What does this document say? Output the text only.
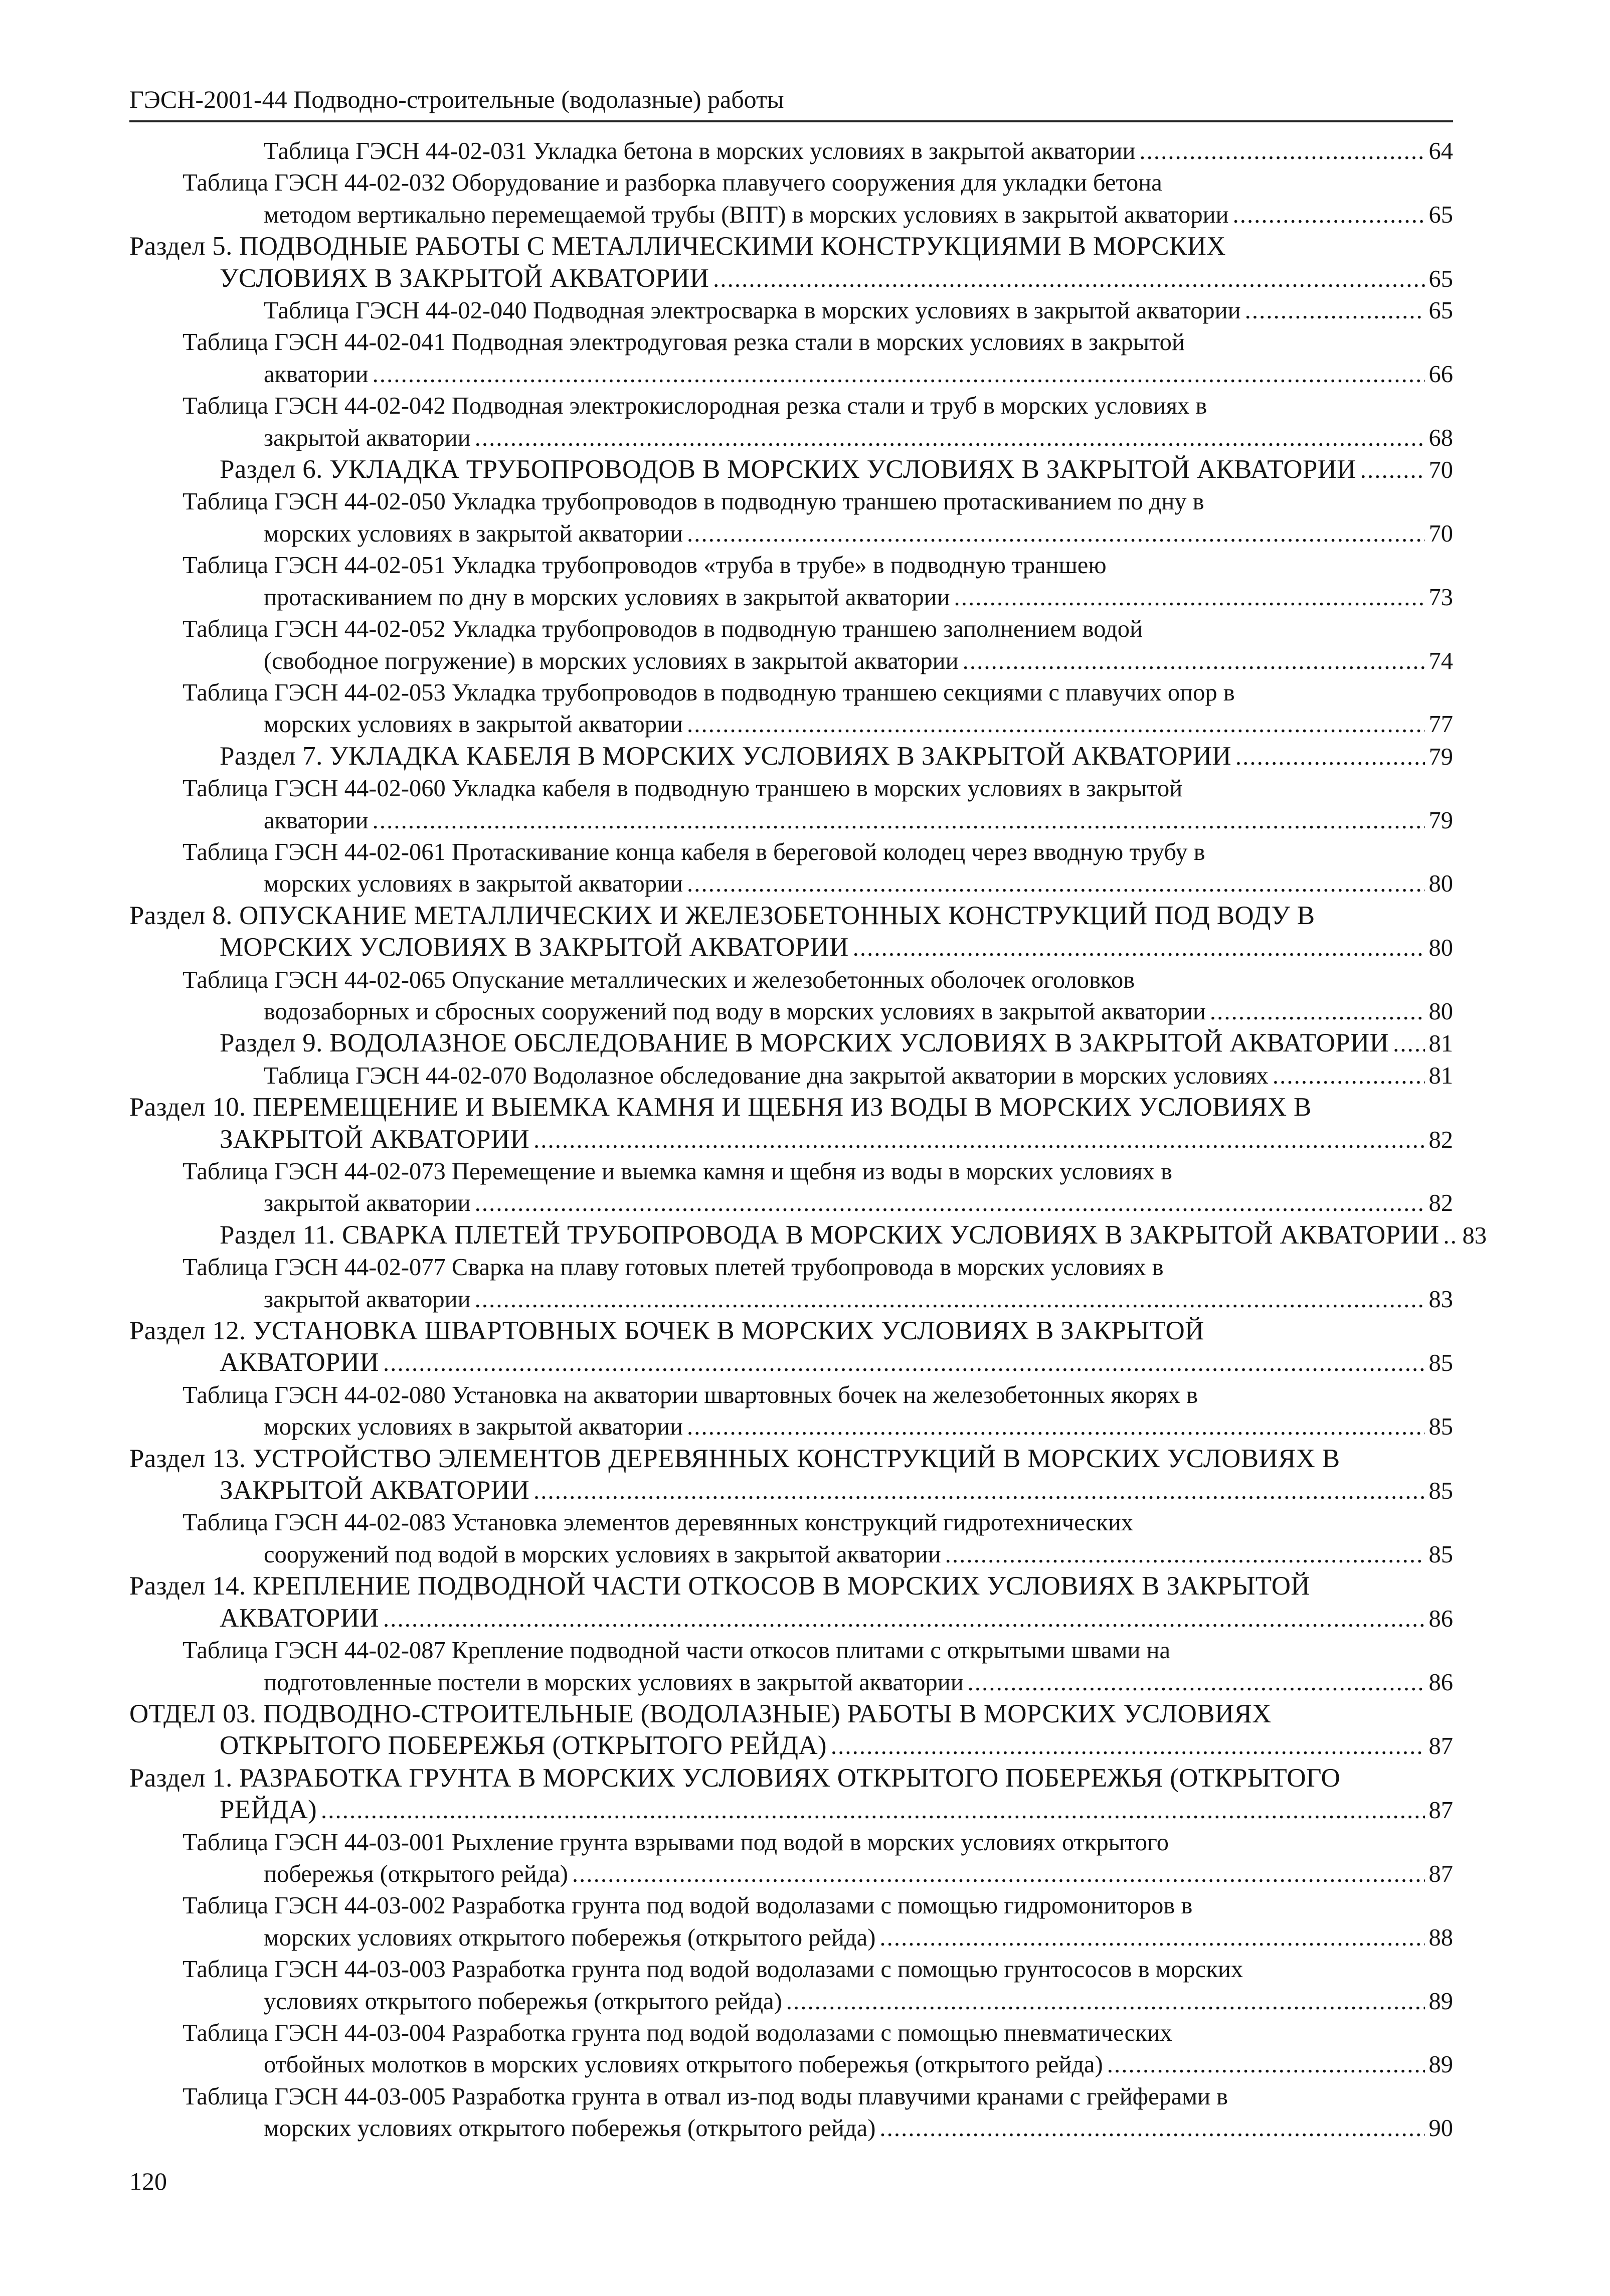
ГЭСН-2001-44 Подводно-строительные (водолазные) работы
Таблица ГЭСН 44-02-031 Укладка бетона в морских условиях в закрытой акватории . . .	64
Таблица ГЭСН 44-02-032 Оборудование и разборка плавучего сооружения для укладки бетона
методом вертикально перемещаемой трубы (ВПТ) в морских условиях в закрытой акватории . . .	65
Раздел 5. ПОДВОДНЫЕ РАБОТЫ С МЕТАЛЛИЧЕСКИМИ КОНСТРУКЦИЯМИ В МОРСКИХ
УСЛОВИЯХ В ЗАКРЫТОЙ АКВАТОРИИ . . .	65
Таблица ГЭСН 44-02-040 Подводная электросварка в морских условиях в закрытой акватории . . .	65
Таблица ГЭСН 44-02-041 Подводная электродуговая резка стали в морских условиях в закрытой
акватории . . .	66
Таблица ГЭСН 44-02-042 Подводная электрокислородная резка стали и труб в морских условиях в
закрытой акватории . . .	68
Раздел 6. УКЛАДКА ТРУБОПРОВОДОВ В МОРСКИХ УСЛОВИЯХ В ЗАКРЫТОЙ АКВАТОРИИ . . .	70
Таблица ГЭСН 44-02-050 Укладка трубопроводов в подводную траншею протаскиванием по дну в
морских условиях в закрытой акватории . . .	70
Таблица ГЭСН 44-02-051 Укладка трубопроводов «труба в трубе» в подводную траншею
протаскиванием по дну в морских условиях в закрытой акватории . . .	73
Таблица ГЭСН 44-02-052 Укладка трубопроводов в подводную траншею заполнением водой
(свободное погружение) в морских условиях в закрытой акватории . . .	74
Таблица ГЭСН 44-02-053 Укладка трубопроводов в подводную траншею секциями с плавучих опор в
морских условиях в закрытой акватории . . .	77
Раздел 7. УКЛАДКА КАБЕЛЯ В МОРСКИХ УСЛОВИЯХ В ЗАКРЫТОЙ АКВАТОРИИ . . .	79
Таблица ГЭСН 44-02-060 Укладка кабеля в подводную траншею в морских условиях в закрытой
акватории . . .	79
Таблица ГЭСН 44-02-061 Протаскивание конца кабеля в береговой колодец через вводную трубу в
морских условиях в закрытой акватории . . .	80
Раздел 8. ОПУСКАНИЕ МЕТАЛЛИЧЕСКИХ И ЖЕЛЕЗОБЕТОННЫХ КОНСТРУКЦИЙ ПОД ВОДУ В
МОРСКИХ УСЛОВИЯХ В ЗАКРЫТОЙ АКВАТОРИИ . . .	80
Таблица ГЭСН 44-02-065 Опускание металлических и железобетонных оболочек оголовков
водозаборных и сбросных сооружений под воду в морских условиях в закрытой акватории . . .	80
Раздел 9. ВОДОЛАЗНОЕ ОБСЛЕДОВАНИЕ В МОРСКИХ УСЛОВИЯХ В ЗАКРЫТОЙ АКВАТОРИИ . . . 81
Таблица ГЭСН 44-02-070 Водолазное обследование дна закрытой акватории в морских условиях . . .	81
Раздел 10. ПЕРЕМЕЩЕНИЕ И ВЫЕМКА КАМНЯ И ЩЕБНЯ ИЗ ВОДЫ В МОРСКИХ УСЛОВИЯХ В
ЗАКРЫТОЙ АКВАТОРИИ . . .	82
Таблица ГЭСН 44-02-073 Перемещение и выемка камня и щебня из воды в морских условиях в
закрытой акватории . . .	82
Раздел 11. СВАРКА ПЛЕТЕЙ ТРУБОПРОВОДА В МОРСКИХ УСЛОВИЯХ В ЗАКРЫТОЙ АКВАТОРИИ . . . 83
Таблица ГЭСН 44-02-077 Сварка на плаву готовых плетей трубопровода в морских условиях в
закрытой акватории . . .	83
Раздел 12. УСТАНОВКА ШВАРТОВНЫХ БОЧЕК В МОРСКИХ УСЛОВИЯХ В ЗАКРЫТОЙ
АКВАТОРИИ . . .	85
Таблица ГЭСН 44-02-080 Установка на акватории швартовных бочек на железобетонных якорях в
морских условиях в закрытой акватории . . .	85
Раздел 13. УСТРОЙСТВО ЭЛЕМЕНТОВ ДЕРЕВЯННЫХ КОНСТРУКЦИЙ В МОРСКИХ УСЛОВИЯХ В
ЗАКРЫТОЙ АКВАТОРИИ . . .	85
Таблица ГЭСН 44-02-083 Установка элементов деревянных конструкций гидротехнических
сооружений под водой в морских условиях в закрытой акватории . . .	85
Раздел 14. КРЕПЛЕНИЕ ПОДВОДНОЙ ЧАСТИ ОТКОСОВ В МОРСКИХ УСЛОВИЯХ В ЗАКРЫТОЙ
АКВАТОРИИ . . .	86
Таблица ГЭСН 44-02-087 Крепление подводной части откосов плитами с открытыми швами на
подготовленные постели в морских условиях в закрытой акватории . . .	86
ОТДЕЛ 03. ПОДВОДНО-СТРОИТЕЛЬНЫЕ (ВОДОЛАЗНЫЕ) РАБОТЫ В МОРСКИХ УСЛОВИЯХ
ОТКРЫТОГО ПОБЕРЕЖЬЯ (ОТКРЫТОГО РЕЙДА) . . .	87
Раздел 1. РАЗРАБОТКА ГРУНТА В МОРСКИХ УСЛОВИЯХ ОТКРЫТОГО ПОБЕРЕЖЬЯ (ОТКРЫТОГО
РЕЙДА) . . .	87
Таблица ГЭСН 44-03-001 Рыхление грунта взрывами под водой в морских условиях открытого
побережья (открытого рейда) . . .	87
Таблица ГЭСН 44-03-002 Разработка грунта под водой водолазами с помощью гидромониторов в
морских условиях открытого побережья (открытого рейда) . . .	88
Таблица ГЭСН 44-03-003 Разработка грунта под водой водолазами с помощью грунтососов в морских
условиях открытого побережья (открытого рейда) . . .	89
Таблица ГЭСН 44-03-004 Разработка грунта под водой водолазами с помощью пневматических
отбойных молотков в морских условиях открытого побережья (открытого рейда) . . .	89
Таблица ГЭСН 44-03-005 Разработка грунта в отвал из-под воды плавучими кранами с грейферами в
морских условиях открытого побережья (открытого рейда) . . .	90
120
